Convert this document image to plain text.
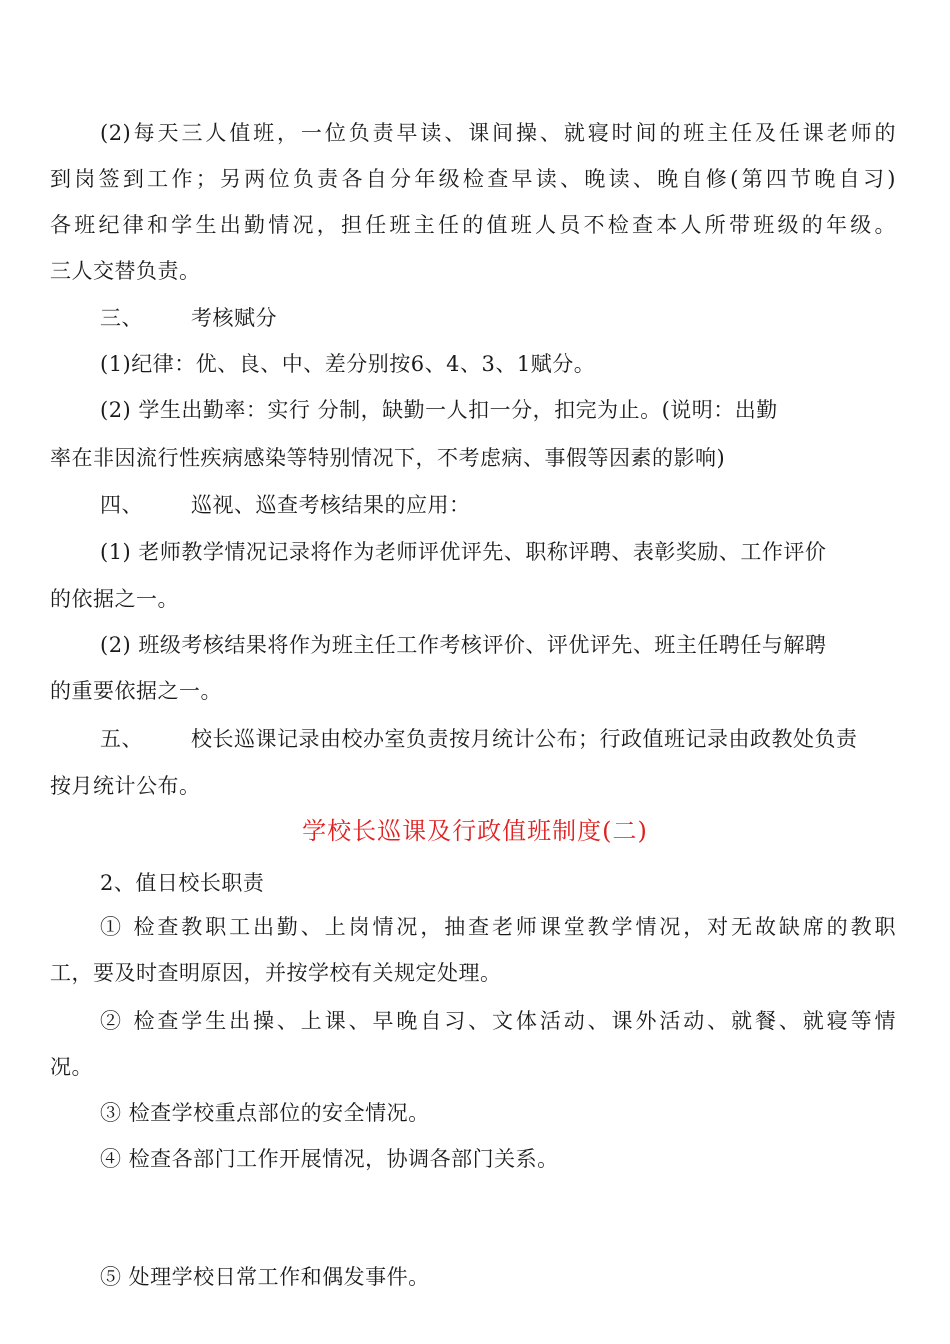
(2)每天三人值班，一位负责早读、课间操、就寝时间的班主任及任课老师的
到岗签到工作；另两位负责各自分年级检查早读、晚读、晚自修(第四节晚自习)
各班纪律和学生出勤情况，担任班主任的值班人员不检查本人所带班级的年级。
三人交替负责。
三、 考核赋分
(1)纪律：优、良、中、差分别按6、4、3、1赋分。
(2) 学生出勤率：实行 分制，缺勤一人扣一分，扣完为止。(说明：出勤
率在非因流行性疾病感染等特别情况下，不考虑病、事假等因素的影响)
四、 巡视、巡查考核结果的应用：
(1) 老师教学情况记录将作为老师评优评先、职称评聘、表彰奖励、工作评价
的依据之一。
(2) 班级考核结果将作为班主任工作考核评价、评优评先、班主任聘任与解聘
的重要依据之一。
五、 校长巡课记录由校办室负责按月统计公布；行政值班记录由政教处负责
按月统计公布。
学校长巡课及行政值班制度(二)
2、值日校长职责
① 检查教职工出勤、上岗情况，抽查老师课堂教学情况，对无故缺席的教职
工，要及时查明原因，并按学校有关规定处理。
② 检查学生出操、上课、早晚自习、文体活动、课外活动、就餐、就寝等情
况。
③ 检查学校重点部位的安全情况。
④ 检查各部门工作开展情况，协调各部门关系。
⑤ 处理学校日常工作和偶发事件。
